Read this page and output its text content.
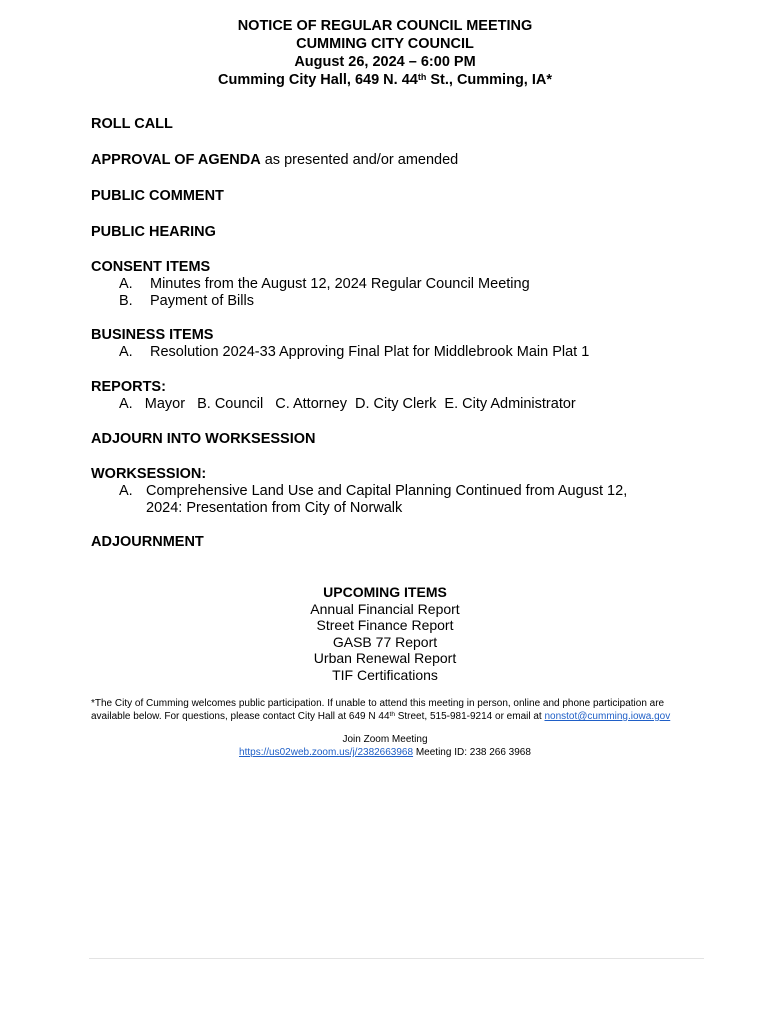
NOTICE OF REGULAR COUNCIL MEETING
CUMMING CITY COUNCIL
August 26, 2024 – 6:00 PM
Cumming City Hall, 649 N. 44th St., Cumming, IA*
ROLL CALL
APPROVAL OF AGENDA as presented and/or amended
PUBLIC COMMENT
PUBLIC HEARING
CONSENT ITEMS
A. Minutes from the August 12, 2024 Regular Council Meeting
B. Payment of Bills
BUSINESS ITEMS
A. Resolution 2024-33 Approving Final Plat for Middlebrook Main Plat 1
REPORTS:
A.   Mayor B. Council C. Attorney D. City Clerk E. City Administrator
ADJOURN INTO WORKSESSION
WORKSESSION:
A. Comprehensive Land Use and Capital Planning Continued from August 12, 2024: Presentation from City of Norwalk
ADJOURNMENT
UPCOMING ITEMS
Annual Financial Report
Street Finance Report
GASB 77 Report
Urban Renewal Report
TIF Certifications
*The City of Cumming welcomes public participation. If unable to attend this meeting in person, online and phone participation are available below. For questions, please contact City Hall at 649 N 44th Street, 515-981-9214 or email at nonstot@cumming.iowa.gov
Join Zoom Meeting
https://us02web.zoom.us/j/2382663968 Meeting ID: 238 266 3968
